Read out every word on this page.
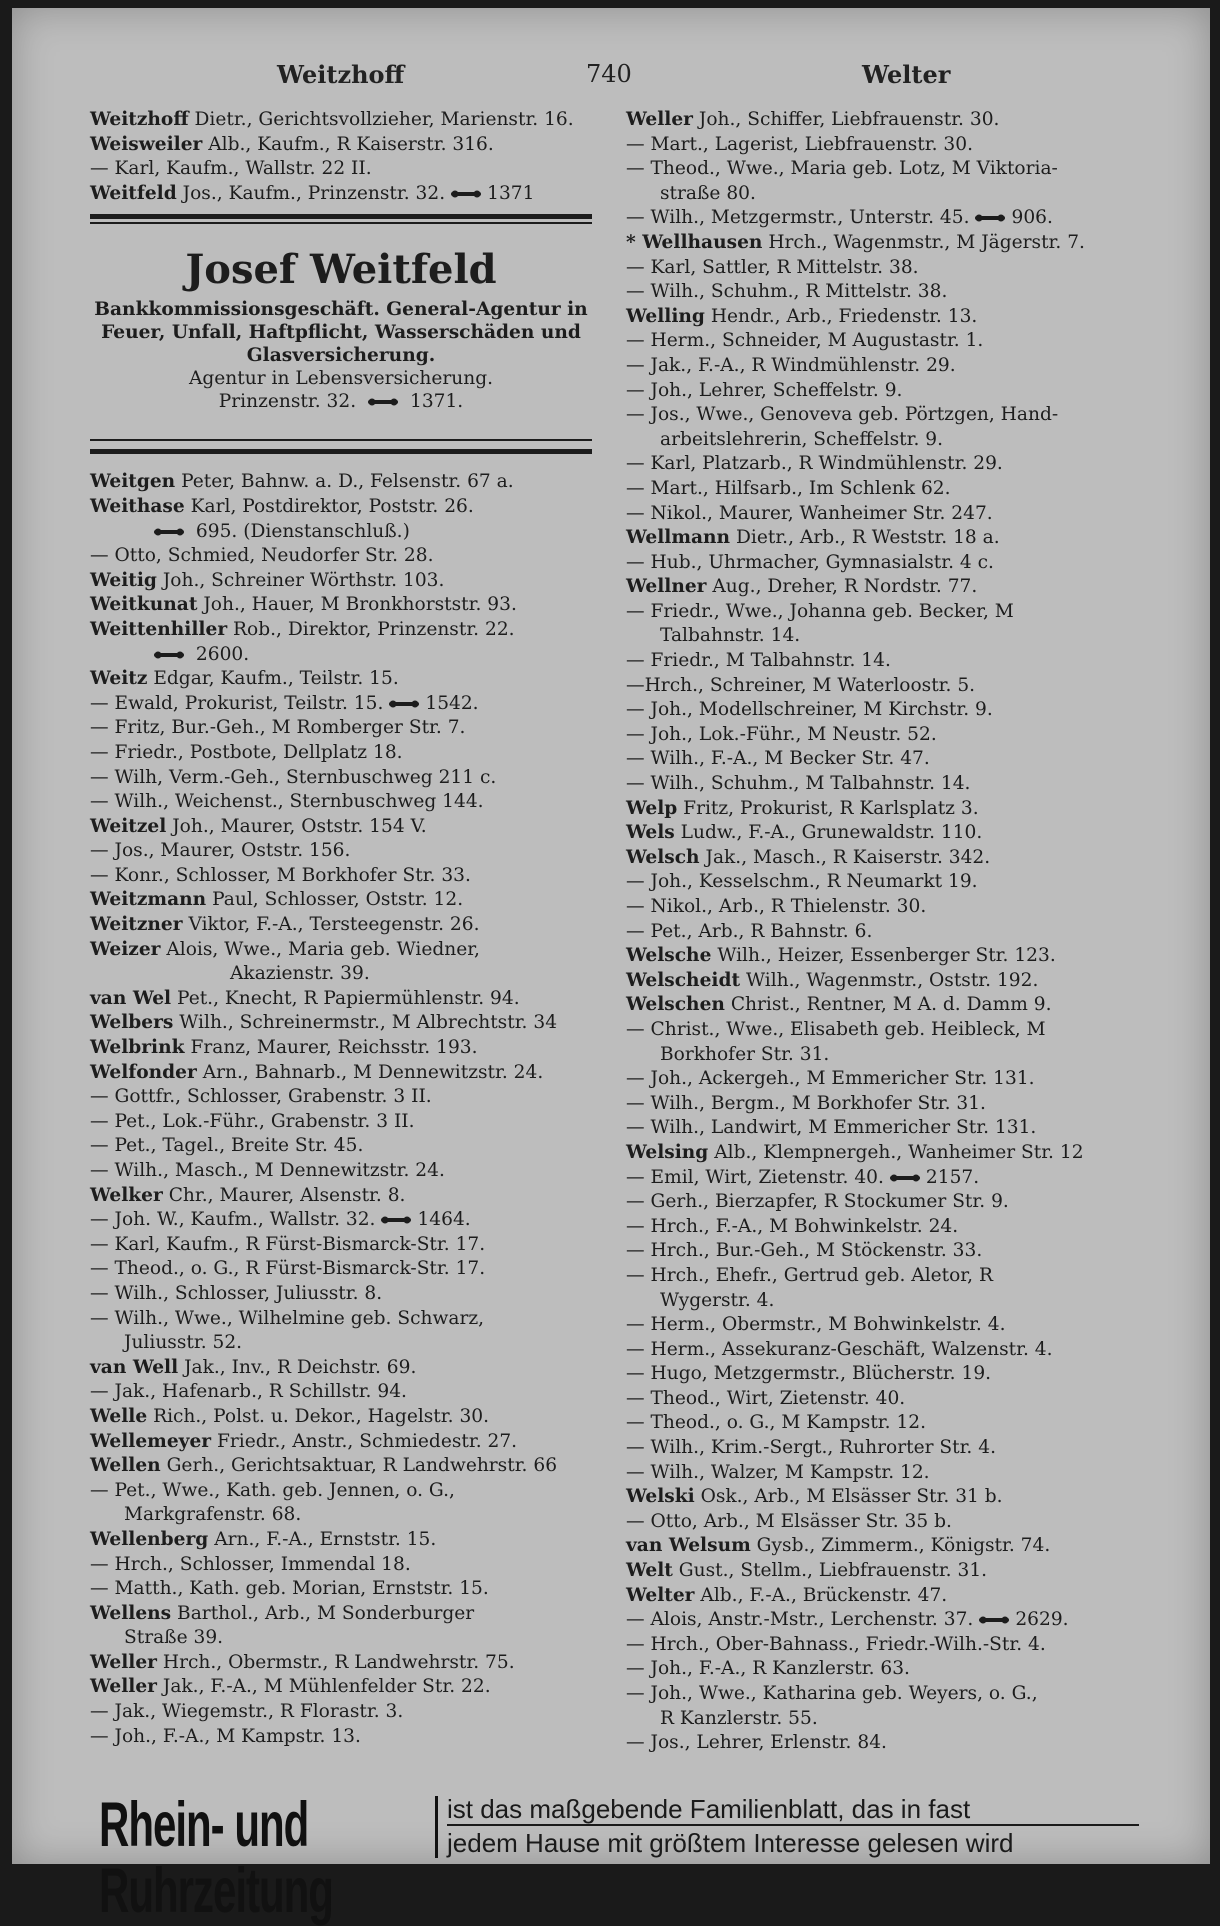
Weitzhoff	740	Welter
Weitzhoff Dietr., Gerichtsvollzieher, Marienstr. 16.
Weisweiler Alb., Kaufm., R Kaiserstr. 316.
— Karl, Kaufm., Wallstr. 22 II.
Weitfeld Jos., Kaufm., Prinzenstr. 32. 1371
Josef Weitfeld
Bankkommissionsgeschäft. General-Agentur in
Feuer, Unfall, Haftpflicht, Wasserschäden und
Glasversicherung.
Agentur in Lebensversicherung.
Prinzenstr. 32.	1371.
Weitgen Peter, Bahnw. a. D., Felsenstr. 67 a.
Weithase Karl, Postdirektor, Poststr. 26.
695. (Dienstanschluß.)
— Otto, Schmied, Neudorfer Str. 28.
Weitig Joh., Schreiner Wörthstr. 103.
Weitkunat Joh., Hauer, M Bronkhorststr. 93.
Weittenhiller Rob., Direktor, Prinzenstr. 22.
2600.
Weitz Edgar, Kaufm., Teilstr. 15.
— Ewald, Prokurist, Teilstr. 15. 1542.
— Fritz, Bur.-Geh., M Romberger Str. 7.
— Friedr., Postbote, Dellplatz 18.
— Wilh, Verm.-Geh., Sternbuschweg 211 c.
— Wilh., Weichenst., Sternbuschweg 144.
Weitzel Joh., Maurer, Oststr. 154 V.
— Jos., Maurer, Oststr. 156.
— Konr., Schlosser, M Borkhofer Str. 33.
Weitzmann Paul, Schlosser, Oststr. 12.
Weitzner Viktor, F.-A., Tersteegenstr. 26.
Weizer Alois, Wwe., Maria geb. Wiedner,
Akazienstr. 39.
van Wel Pet., Knecht, R Papiermühlenstr. 94.
Welbers Wilh., Schreinermstr., M Albrechtstr. 34
Welbrink Franz, Maurer, Reichsstr. 193.
Welfonder Arn., Bahnarb., M Dennewitzstr. 24.
— Gottfr., Schlosser, Grabenstr. 3 II.
— Pet., Lok.-Führ., Grabenstr. 3 II.
— Pet., Tagel., Breite Str. 45.
— Wilh., Masch., M Dennewitzstr. 24.
Welker Chr., Maurer, Alsenstr. 8.
— Joh. W., Kaufm., Wallstr. 32. 1464.
— Karl, Kaufm., R Fürst-Bismarck-Str. 17.
— Theod., o. G., R Fürst-Bismarck-Str. 17.
— Wilh., Schlosser, Juliusstr. 8.
— Wilh., Wwe., Wilhelmine geb. Schwarz,
Juliusstr. 52.
van Well Jak., Inv., R Deichstr. 69.
— Jak., Hafenarb., R Schillstr. 94.
Welle Rich., Polst. u. Dekor., Hagelstr. 30.
Wellemeyer Friedr., Anstr., Schmiedestr. 27.
Wellen Gerh., Gerichtsaktuar, R Landwehrstr. 66
— Pet., Wwe., Kath. geb. Jennen, o. G.,
Markgrafenstr. 68.
Wellenberg Arn., F.-A., Ernststr. 15.
— Hrch., Schlosser, Immendal 18.
— Matth., Kath. geb. Morian, Ernststr. 15.
Wellens Barthol., Arb., M Sonderburger
Straße 39.
Weller Hrch., Obermstr., R Landwehrstr. 75.
Weller Jak., F.-A., M Mühlenfelder Str. 22.
— Jak., Wiegemstr., R Florastr. 3.
— Joh., F.-A., M Kampstr. 13.
Weller Joh., Schiffer, Liebfrauenstr. 30.
— Mart., Lagerist, Liebfrauenstr. 30.
— Theod., Wwe., Maria geb. Lotz, M Viktoria-
straße 80.
— Wilh., Metzgermstr., Unterstr. 45. 906.
* Wellhausen Hrch., Wagenmstr., M Jägerstr. 7.
— Karl, Sattler, R Mittelstr. 38.
— Wilh., Schuhm., R Mittelstr. 38.
Welling Hendr., Arb., Friedenstr. 13.
— Herm., Schneider, M Augustastr. 1.
— Jak., F.-A., R Windmühlenstr. 29.
— Joh., Lehrer, Scheffelstr. 9.
— Jos., Wwe., Genoveva geb. Pörtzgen, Hand-
arbeitslehrerin, Scheffelstr. 9.
— Karl, Platzarb., R Windmühlenstr. 29.
— Mart., Hilfsarb., Im Schlenk 62.
— Nikol., Maurer, Wanheimer Str. 247.
Wellmann Dietr., Arb., R Weststr. 18 a.
— Hub., Uhrmacher, Gymnasialstr. 4 c.
Wellner Aug., Dreher, R Nordstr. 77.
— Friedr., Wwe., Johanna geb. Becker, M
Talbahnstr. 14.
— Friedr., M Talbahnstr. 14.
—Hrch., Schreiner, M Waterloostr. 5.
— Joh., Modellschreiner, M Kirchstr. 9.
— Joh., Lok.-Führ., M Neustr. 52.
— Wilh., F.-A., M Becker Str. 47.
— Wilh., Schuhm., M Talbahnstr. 14.
Welp Fritz, Prokurist, R Karlsplatz 3.
Wels Ludw., F.-A., Grunewaldstr. 110.
Welsch Jak., Masch., R Kaiserstr. 342.
— Joh., Kesselschm., R Neumarkt 19.
— Nikol., Arb., R Thielenstr. 30.
— Pet., Arb., R Bahnstr. 6.
Welsche Wilh., Heizer, Essenberger Str. 123.
Welscheidt Wilh., Wagenmstr., Oststr. 192.
Welschen Christ., Rentner, M A. d. Damm 9.
— Christ., Wwe., Elisabeth geb. Heibleck, M
Borkhofer Str. 31.
— Joh., Ackergeh., M Emmericher Str. 131.
— Wilh., Bergm., M Borkhofer Str. 31.
— Wilh., Landwirt, M Emmericher Str. 131.
Welsing Alb., Klempnergeh., Wanheimer Str. 12
— Emil, Wirt, Zietenstr. 40. 2157.
— Gerh., Bierzapfer, R Stockumer Str. 9.
— Hrch., F.-A., M Bohwinkelstr. 24.
— Hrch., Bur.-Geh., M Stöckenstr. 33.
— Hrch., Ehefr., Gertrud geb. Aletor, R
Wygerstr. 4.
— Herm., Obermstr., M Bohwinkelstr. 4.
— Herm., Assekuranz-Geschäft, Walzenstr. 4.
— Hugo, Metzgermstr., Blücherstr. 19.
— Theod., Wirt, Zietenstr. 40.
— Theod., o. G., M Kampstr. 12.
— Wilh., Krim.-Sergt., Ruhrorter Str. 4.
— Wilh., Walzer, M Kampstr. 12.
Welski Osk., Arb., M Elsässer Str. 31 b.
— Otto, Arb., M Elsässer Str. 35 b.
van Welsum Gysb., Zimmerm., Königstr. 74.
Welt Gust., Stellm., Liebfrauenstr. 31.
Welter Alb., F.-A., Brückenstr. 47.
— Alois, Anstr.-Mstr., Lerchenstr. 37. 2629.
— Hrch., Ober-Bahnass., Friedr.-Wilh.-Str. 4.
— Joh., F.-A., R Kanzlerstr. 63.
— Joh., Wwe., Katharina geb. Weyers, o. G.,
R Kanzlerstr. 55.
— Jos., Lehrer, Erlenstr. 84.
Rhein- und Ruhrzeitung
ist das maßgebende Familienblatt, das in fast
jedem Hause mit größtem Interesse gelesen wird
